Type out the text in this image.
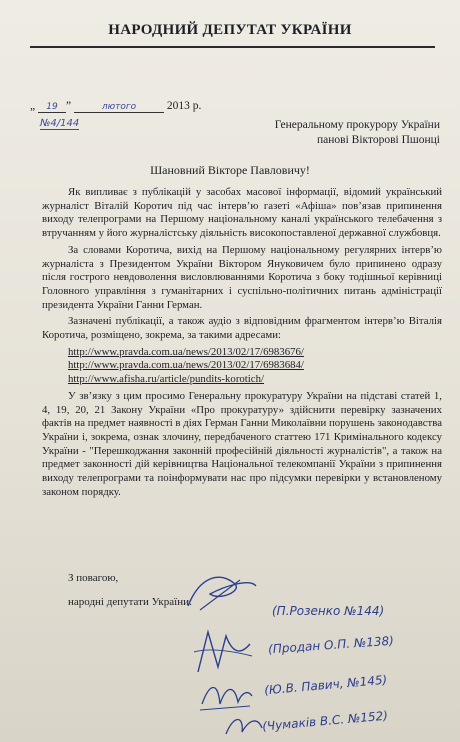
НАРОДНИЙ ДЕПУТАТ УКРАЇНИ
„ 19 ”	лютого	2013 р.
№4/144	Генеральному прокурору України
панові Вікторові Пшонці
Шановний Вікторе Павловичу!

Як випливає з публікацій у засобах масової інформації, відомий український журналіст Віталій Коротич під час інтерв’ю газеті «Афіша» пов’язав припинення виходу телепрограми на Першому національному каналі українського телебачення з втручанням у його журналістську діяльність високопоставленої державної службовця.

За словами Коротича, вихід на Першому національному регулярних інтерв’ю журналіста з Президентом України Віктором Януковичем було припинено одразу після гострого невдоволення висловлюваннями Коротича з боку тодішньої керівниці Головного управління з гуманітарних і суспільно-політичних питань адміністрації президента України Ганни Герман.

Зазначені публікації, а також аудіо з відповідним фрагментом інтерв’ю Віталія Коротича, розміщено, зокрема, за такими адресами:

http://www.pravda.com.ua/news/2013/02/17/6983676/
http://www.pravda.com.ua/news/2013/02/17/6983684/
http://www.afisha.ru/article/pundits-korotich/

У зв’язку з цим просимо Генеральну прокуратуру України на підставі статей 1, 4, 19, 20, 21 Закону України «Про прокуратуру» здійснити перевірку зазначених фактів на предмет наявності в діях Герман Ганни Миколаївни порушень законодавства України і, зокрема, ознак злочину, передбаченого статтею 171 Кримінального кодексу України - "Перешкоджання законній професійній діяльності журналістів", а також на предмет законності дій керівництва Національної телекомпанії України з припинення виходу телепрограми та поінформувати нас про підсумки перевірки у встановленому законом порядку.

З повагою,
народні депутати України:
(П.Розенко №144)
(Продан О.П. №138)
(Ю.В. Павич, №145)
(Чумаків В.С. №152)
